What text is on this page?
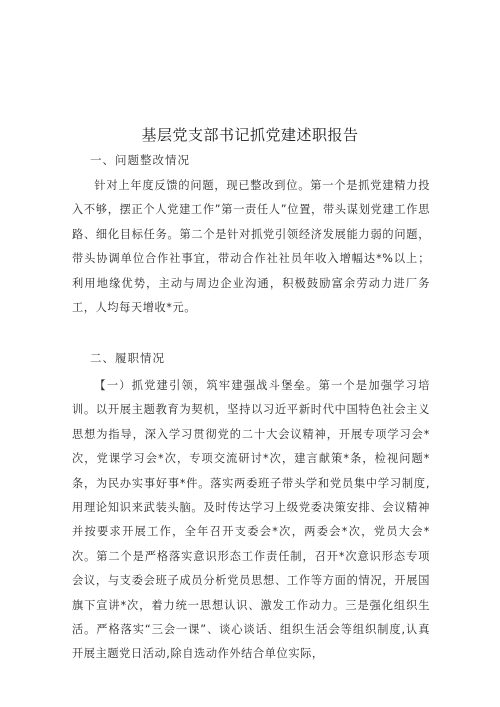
基层党支部书记抓党建述职报告
一、问题整改情况

针对上年度反馈的问题，现已整改到位。第一个是抓党建精力投入不够，摆正个人党建工作”第一责任人”位置，带头谋划党建工作思路、细化目标任务。第二个是针对抓党引领经济发展能力弱的问题，带头协调单位合作社事宜，带动合作社社员年收入增幅达*%以上；利用地缘优势，主动与周边企业沟通，积极鼓励富余劳动力进厂务工，人均每天增收*元。

二、履职情况

【一）抓党建引领，筑牢建强战斗堡垒。第一个是加强学习培训。以开展主题教育为契机，坚持以习近平新时代中国特色社会主义思想为指导，深入学习贯彻党的二十大会议精神，开展专项学习会*次，党课学习会*次，专项交流研讨*次，建言献策*条，检视问题*条，为民办实事好事*件。落实两委班子带头学和党员集中学习制度,用理论知识来武装头脑。及时传达学习上级党委决策安排、会议精神并按要求开展工作，全年召开支委会*次，两委会*次，党员大会*次。第二个是严格落实意识形态工作责任制，召开*次意识形态专项会议，与支委会班子成员分析党员思想、工作等方面的情况，开展国旗下宣讲*次，着力统一思想认识、激发工作动力。三是强化组织生活。严格落实“三会一课”、谈心谈话、组织生活会等组织制度,认真开展主题党日活动,除自选动作外结合单位实际，
